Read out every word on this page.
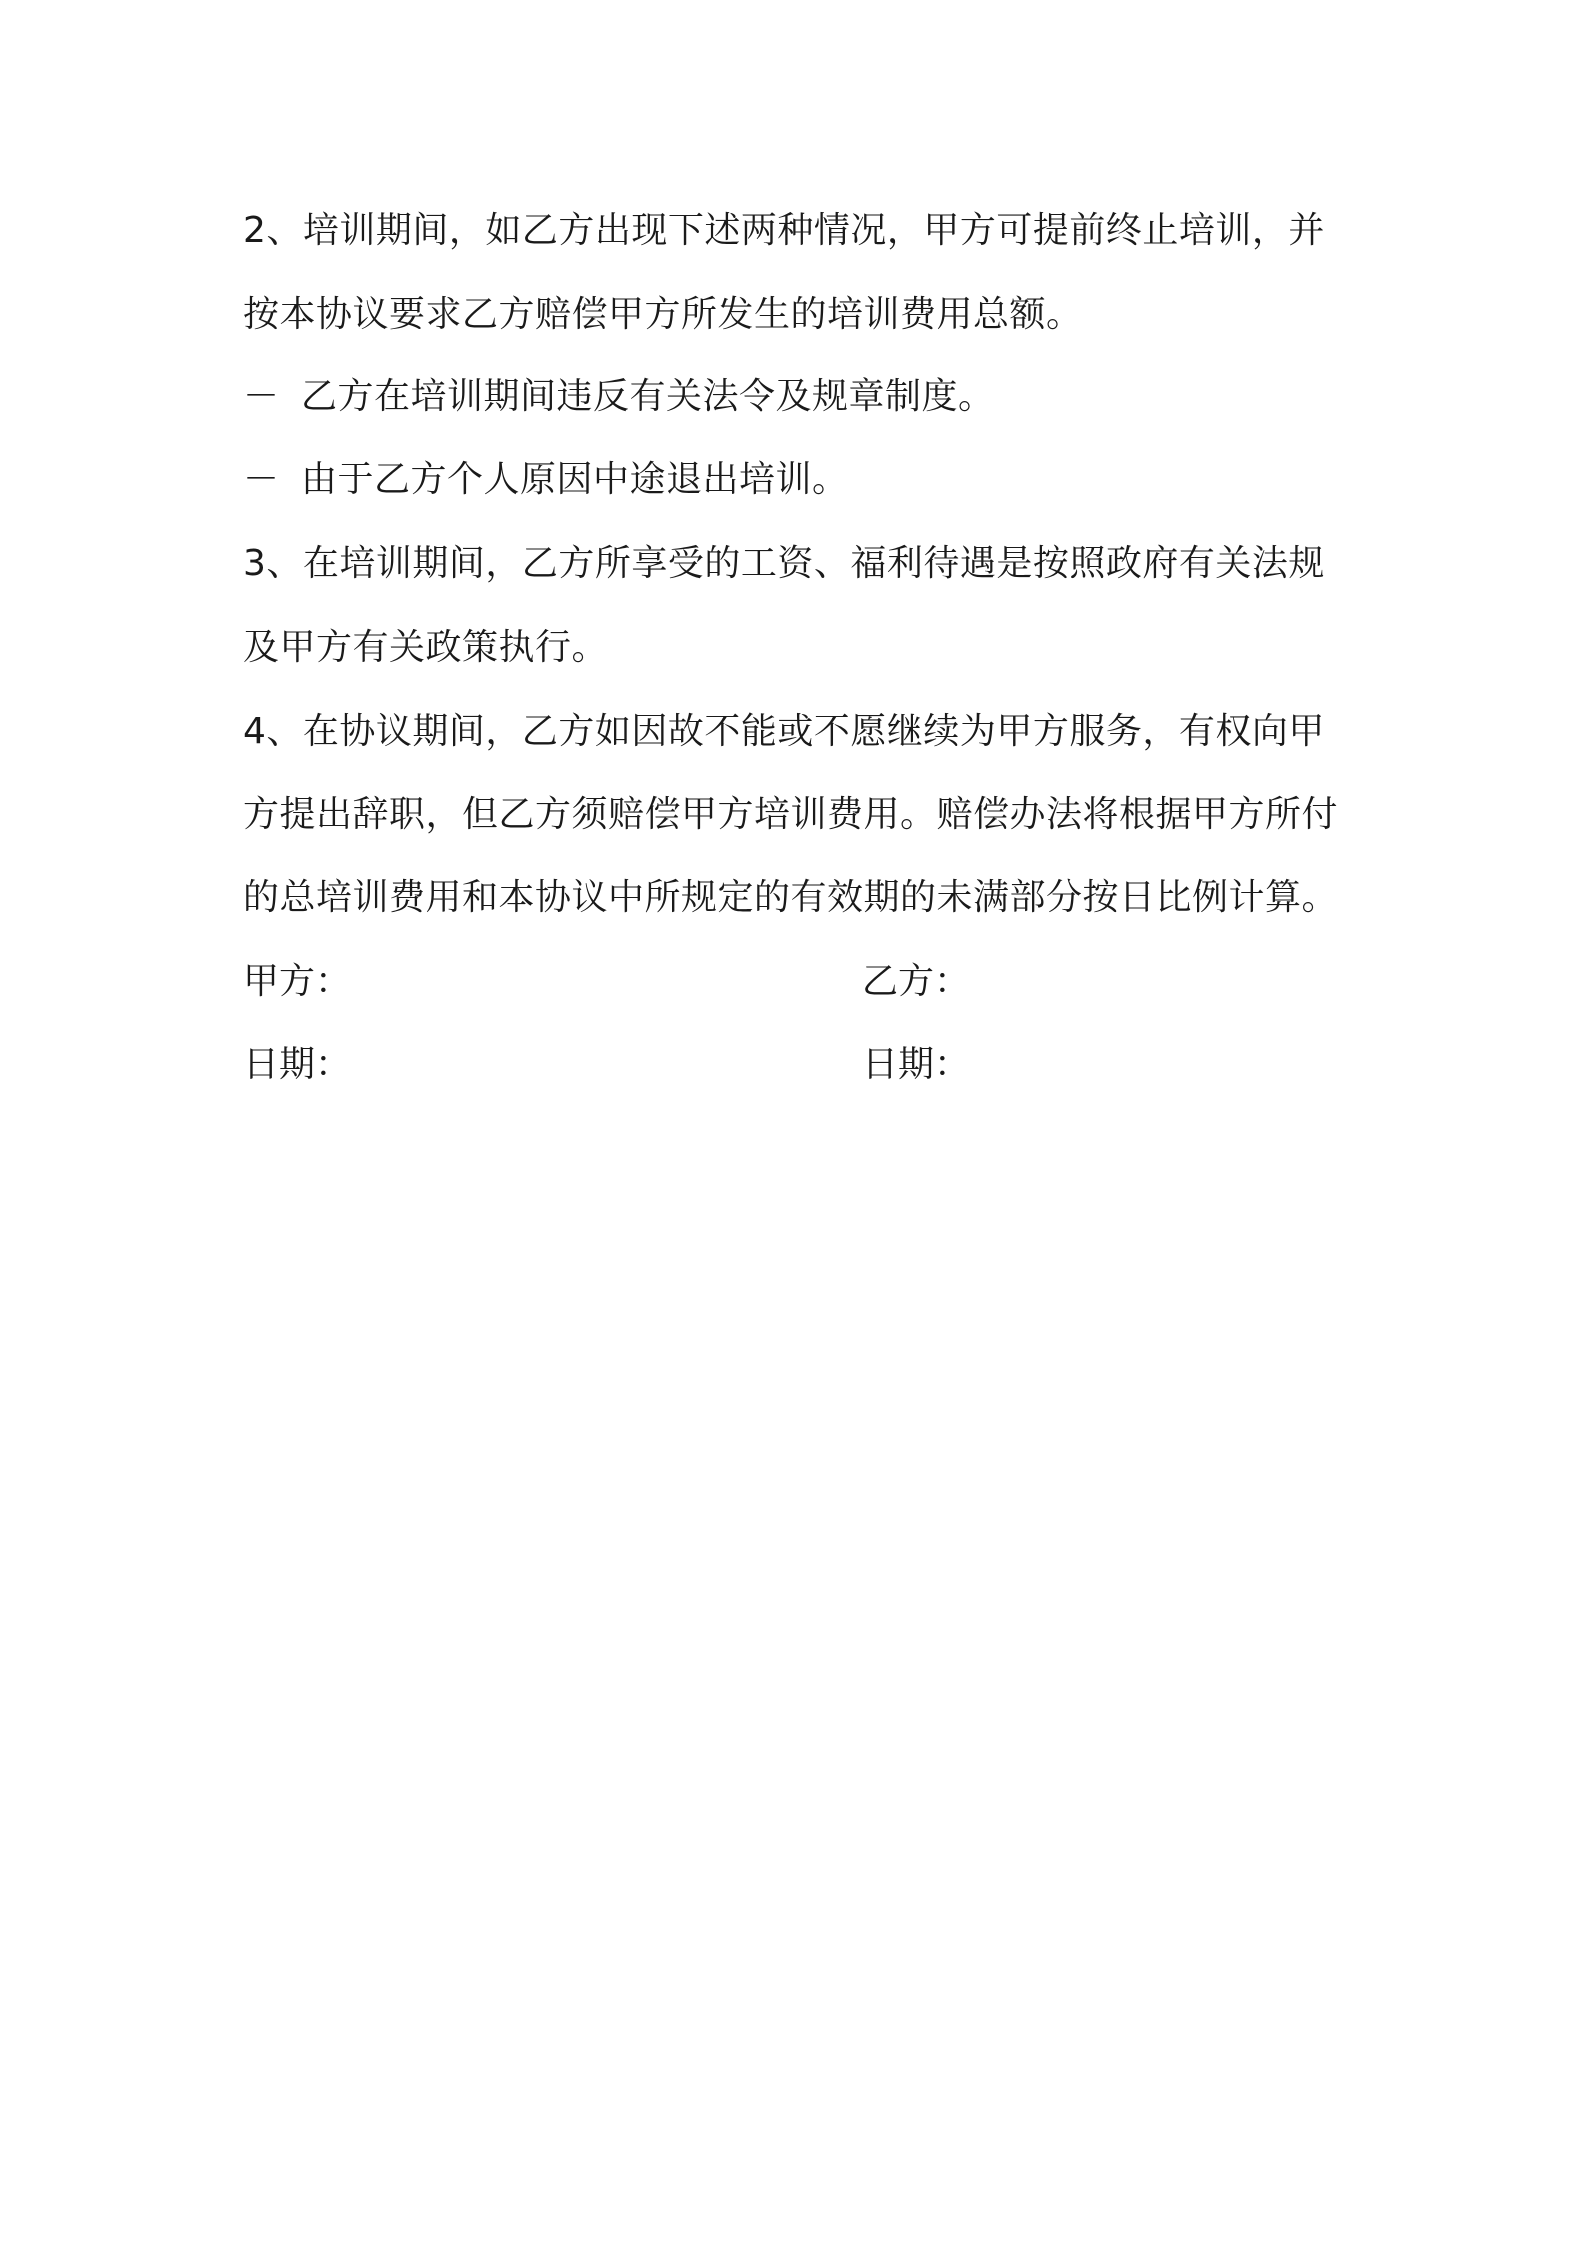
2、培训期间，如乙方出现下述两种情况，甲方可提前终止培训，并
按本协议要求乙方赔偿甲方所发生的培训费用总额。
－ 乙方在培训期间违反有关法令及规章制度。
－ 由于乙方个人原因中途退出培训。
3、在培训期间，乙方所享受的工资、福利待遇是按照政府有关法规
及甲方有关政策执行。
4、在协议期间，乙方如因故不能或不愿继续为甲方服务，有权向甲
方提出辞职，但乙方须赔偿甲方培训费用。赔偿办法将根据甲方所付
的总培训费用和本协议中所规定的有效期的未满部分按日比例计算。
甲方：	乙方：
日期：	日期：
